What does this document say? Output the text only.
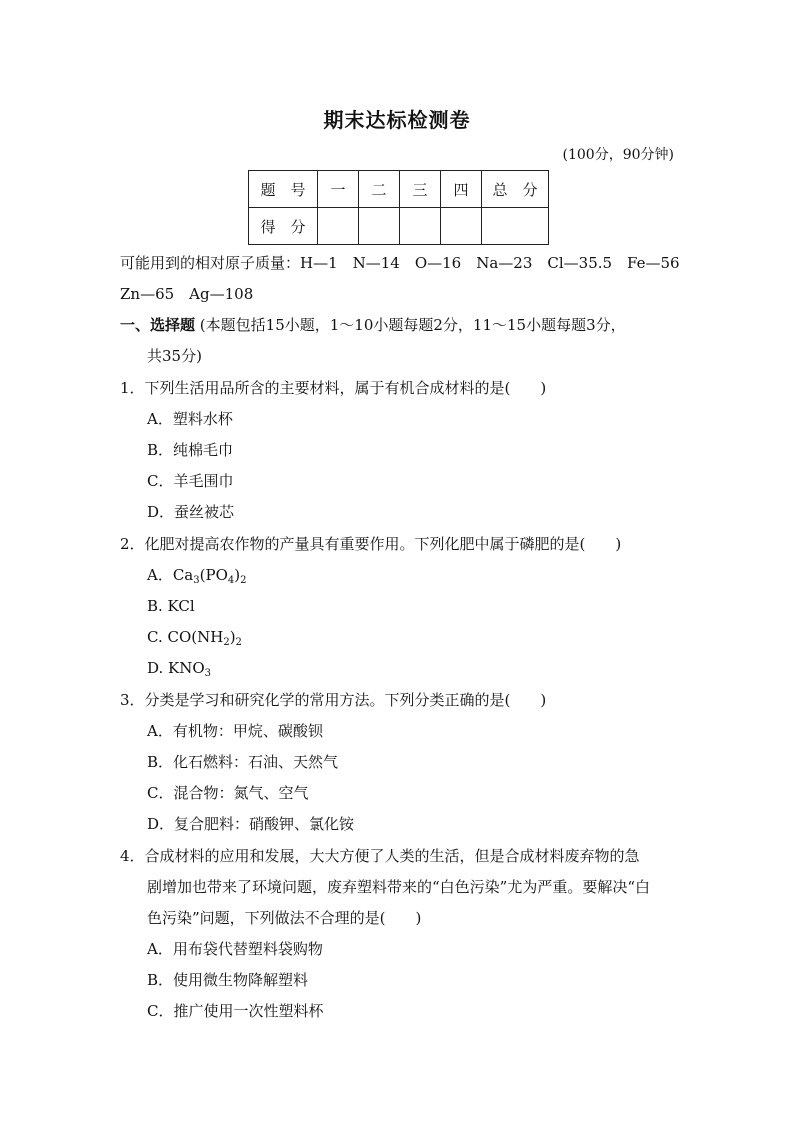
期末达标检测卷
(100分，90分钟)
题　号	一	二	三	四	总　分
得　分					
可能用到的相对原子质量：H—1　N—14　O—16　Na—23　Cl—35.5　Fe—56
Zn—65　Ag—108
一、选择题 (本题包括15小题，1～10小题每题2分，11～15小题每题3分，
共35分)
1．下列生活用品所含的主要材料，属于有机合成材料的是(　　)
A．塑料水杯
B．纯棉毛巾
C．羊毛围巾
D．蚕丝被芯
2．化肥对提高农作物的产量具有重要作用。下列化肥中属于磷肥的是(　　)
A．$Ca_3(PO_4)_2$
B. KCl
C. $CO(NH_2)_2$
D. $KNO_3$
3．分类是学习和研究化学的常用方法。下列分类正确的是(　　)
A．有机物：甲烷、碳酸钡
B．化石燃料：石油、天然气
C．混合物：氮气、空气
D．复合肥料：硝酸钾、氯化铵
4．合成材料的应用和发展，大大方便了人类的生活，但是合成材料废弃物的急
剧增加也带来了环境问题，废弃塑料带来的“白色污染”尤为严重。要解决“白
色污染”问题，下列做法不合理的是(　　)
A．用布袋代替塑料袋购物
B．使用微生物降解塑料
C．推广使用一次性塑料杯
